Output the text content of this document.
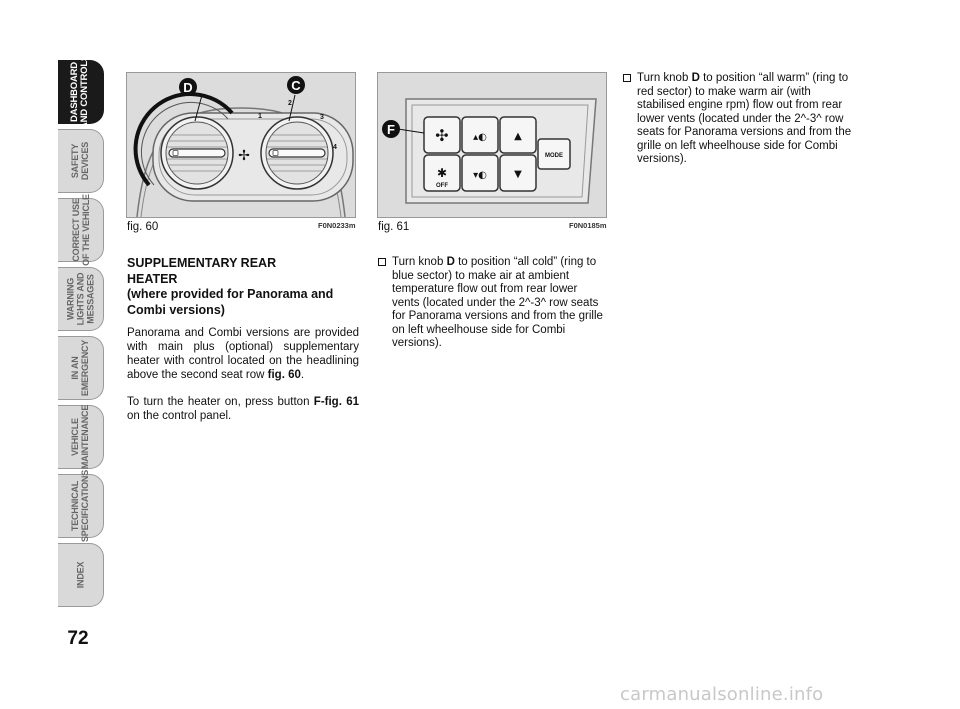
DASHBOARD
AND CONTROLS
SAFETY
DEVICES
CORRECT USE
OF THE VEHICLE
WARNING
LIGHTS AND
MESSAGES
IN AN
EMERGENCY
VEHICLE
MAINTENANCE
TECHNICAL
SPECIFICATIONS
INDEX
72
✢
1
2
3
4
D	C
fig. 60	F0N0233m
MODE
✣
✱
▴◐
▾◐
▲
▼
OFF
F
fig. 61	F0N0185m
SUPPLEMENTARY REAR
HEATER
(where provided for Panorama and
Combi versions)
Panorama and Combi versions are provided with main plus (optional) supplementary heater with control located on the headlining above the second seat row fig. 60.
To turn the heater on, press button F-fig. 61 on the control panel.
Turn knob D to position “all cold” (ring to blue sector) to make air at ambient temperature flow out from rear lower vents (located under the 2^-3^ row seats for Panorama versions and from the grille on left wheelhouse side for Combi versions).
Turn knob D to position “all warm” (ring to red sector) to make warm air (with stabilised engine rpm) flow out from rear lower vents (located under the 2^-3^ row seats for Panorama versions and from the grille on left wheelhouse side for Combi versions).
carmanualsonline.info
